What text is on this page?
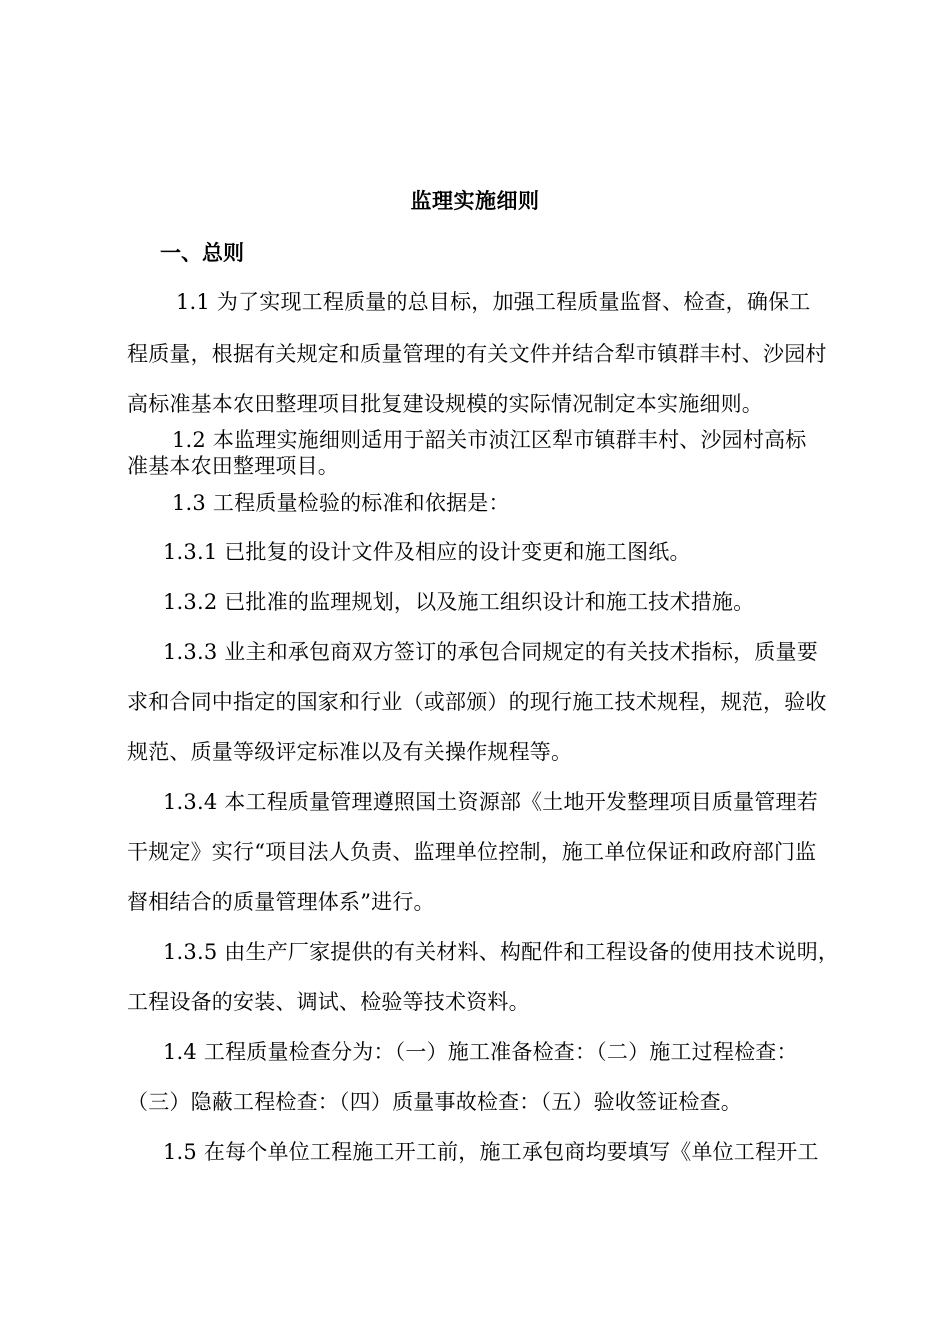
监理实施细则
一、总则
1.1 为了实现工程质量的总目标，加强工程质量监督、检查，确保工
程质量，根据有关规定和质量管理的有关文件并结合犁市镇群丰村、沙园村
高标准基本农田整理项目批复建设规模的实际情况制定本实施细则。
1.2 本监理实施细则适用于韶关市浈江区犁市镇群丰村、沙园村高标
准基本农田整理项目。
1.3 工程质量检验的标准和依据是：
1.3.1 已批复的设计文件及相应的设计变更和施工图纸。
1.3.2 已批准的监理规划，以及施工组织设计和施工技术措施。
1.3.3 业主和承包商双方签订的承包合同规定的有关技术指标，质量要
求和合同中指定的国家和行业（或部颁）的现行施工技术规程，规范，验收
规范、质量等级评定标准以及有关操作规程等。
1.3.4 本工程质量管理遵照国土资源部《土地开发整理项目质量管理若
干规定》实行“项目法人负责、监理单位控制，施工单位保证和政府部门监
督相结合的质量管理体系”进行。
1.3.5 由生产厂家提供的有关材料、构配件和工程设备的使用技术说明，
工程设备的安装、调试、检验等技术资料。
1.4 工程质量检查分为：（一）施工准备检查：（二）施工过程检查：
（三）隐蔽工程检查：（四）质量事故检查：（五）验收签证检查。
1.5 在每个单位工程施工开工前，施工承包商均要填写《单位工程开工
